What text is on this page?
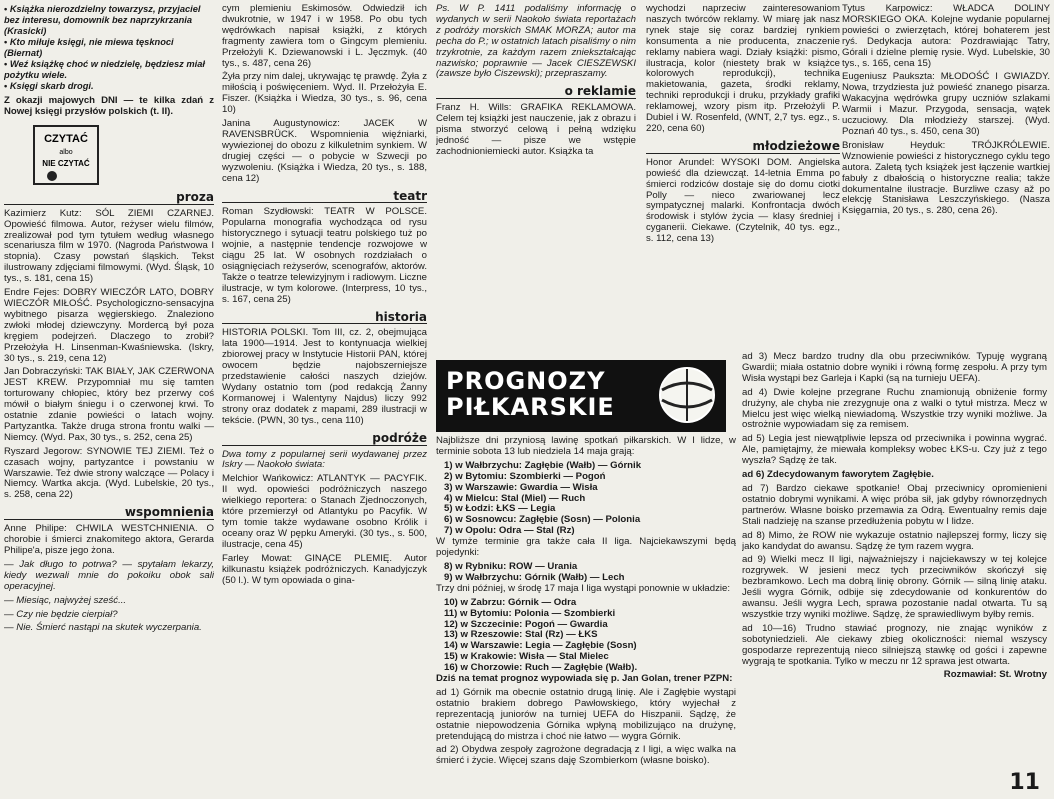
• Książka nierozdzielny towarzysz, przyjaciel bez interesu, domownik bez naprzykrzania (Krasicki)
• Kto miłuje księgi, nie miewa tęsknoci (Biernat)
• Weź książkę choć w niedzielę, będziesz miał pożytku wiele.
• Księgi skarb drogi.

Z okazji majowych DNI — te kilka zdań z Nowej księgi przysłów polskich (t. II).

CZYTAĆ
albo
NIE CZYTAĆ
proza

Kazimierz Kutz: SÓL ZIEMI CZARNEJ. Opowieść filmowa. Autor, reżyser wielu filmów, zrealizował pod tym tytułem według własnego scenariusza film w 1970. (Nagroda Państwowa I stopnia). Czasy powstań śląskich. Tekst ilustrowany zdjęciami filmowymi. (Wyd. Śląsk, 10 tys., s. 181, cena 15)

Endre Fejes: DOBRY WIECZÓR LATO, DOBRY WIECZÓR MIŁOŚĆ. Psychologiczno-sensacyjna wybitnego pisarza węgierskiego. Znaleziono zwłoki młodej dziewczyny. Mordercą był poza kręgiem podejrzeń. Dlaczego to zrobił? Przełożyła H. Linsenman-Kwaśniewska. (Iskry, 30 tys., s. 219, cena 12)

Jan Dobraczyński: TAK BIAŁY, JAK CZERWONA JEST KREW. Przypomniał mu się tamten torturowany chłopiec, który bez przerwy coś mówił o białym śniegu i o czerwonej krwi. To ostatnie zdanie powieści o latach wojny. Partyzantka. Także druga strona frontu walki — Niemcy. (Wyd. Pax, 30 tys., s. 252, cena 25)

Ryszard Jegorow: SYNOWIE TEJ ZIEMI. Też o czasach wojny, partyzantce i powstaniu w Warszawie. Też dwie strony walczące — Polacy i Niemcy. Wartka akcja. (Wyd. Lubelskie, 20 tys., s. 258, cena 22)

wspomnienia

Anne Philipe: CHWILA WESTCHNIENIA. O chorobie i śmierci znakomitego aktora, Gerarda Philipe'a, pisze jego żona.

— Jak długo to potrwa? — spytałam lekarzy, kiedy wezwali mnie do pokoiku obok sali operacyjnej.

— Miesiąc, najwyżej sześć...

— Czy nie będzie cierpiał?

— Nie. Śmierć nastąpi na skutek wyczerpania.

cym plemieniu Eskimosów. Odwiedził ich dwukrotnie, w 1947 i w 1958. Po obu tych wędrówkach napisał książki, z których fragmenty zawiera tom o Gingcym plemieniu. Przełożyli K. Dziewanowski i L. Jęczmyk. (40 tys., s. 487, cena 26)

Żyła przy nim dalej, ukrywając tę prawdę. Żyła z miłością i poświęceniem. Wyd. II. Przełożyła E. Fiszer. (Książka i Wiedza, 30 tys., s. 96, cena 10)

Janina Augustynowicz: JACEK W RAVENSBRÜCK. Wspomnienia więźniarki, wywiezionej do obozu z kilkuletnim synkiem. W drugiej części — o pobycie w Szwecji po wyzwoleniu. (Książka i Wiedza, 20 tys., s. 188, cena 12)

teatr

Roman Szydłowski: TEATR W POLSCE. Popularna monografia wychodząca od rysu historycznego i sytuacji teatru polskiego tuż po wojnie, a następnie tendencje rozwojowe w ciągu 25 lat. W osobnych rozdziałach o osiągnięciach reżyserów, scenografów, aktorów. Także o teatrze telewizyjnym i radiowym. Liczne ilustracje, w tym kolorowe. (Interpress, 10 tys., s. 167, cena 25)

historia

HISTORIA POLSKI. Tom III, cz. 2, obejmująca lata 1900—1914. Jest to kontynuacja wielkiej zbiorowej pracy w Instytucie Historii PAN, której owocem będzie najobszerniejsze przedstawienie całości naszych dziejów. Wydany ostatnio tom (pod redakcją Żanny Kormanowej i Walentyny Najdus) liczy 992 strony oraz dodatek z mapami, 289 ilustracji w tekście. (PWN, 30 tys., cena 110)

podróże

Dwa tomy z popularnej serii wydawanej przez Iskry — Naokoło świata:

Melchior Wańkowicz: ATLANTYK — PACYFIK. II wyd. opowieści podróżniczych naszego wielkiego reportera: o Stanach Zjednoczonych, które przemierzył od Atlantyku po Pacyfik. W tym tomie także wydawane osobno Królik i oceany oraz W pępku Ameryki. (30 tys., s. 500, ilustracje, cena 45)

Farley Mowat: GINĄCE PLEMIĘ. Autor kilkunastu książek podróżniczych. Kanadyjczyk (50 l.). W tym opowiada o gina-

Ps. W P. 1411 podaliśmy informację o wydanych w serii Naokoło świata reportażach z podróży morskich SMAK MORZA; autor ma pecha do P.; w ostatnich latach pisaliśmy o nim trzykrotnie, za każdym razem zniekształcając nazwisko; poprawnie — Jacek CIESZEWSKI (zawsze było Ciszewski); przepraszamy.

o reklamie

Franz H. Wills: GRAFIKA REKLAMOWA. Celem tej książki jest nauczenie, jak z obrazu i pisma stworzyć celową i pełną wdzięku jedność — pisze we wstępie zachodnioniemiecki autor. Książka ta

wychodzi naprzeciw zainteresowaniom naszych twórców reklamy. W miarę jak nasz rynek staje się coraz bardziej rynkiem konsumenta a nie producenta, znaczenie reklamy nabiera wagi. Działy książki: pismo, ilustracja, kolor (niestety brak w książce kolorowych reprodukcji), technika makietowania, gazeta, środki reklamy, techniki reprodukcji i druku, przykłady grafiki reklamowej, wzory pism itp. Przełożyli P. Dubiel i W. Rosenfeld, (WNT, 2,7 tys. egz., s. 220, cena 60)

młodzieżowe

Honor Arundel: WYSOKI DOM. Angielska powieść dla dziewcząt. 14-letnia Emma po śmierci rodziców dostaje się do domu ciotki Polly — nieco zwariowanej lecz sympatycznej malarki. Konfrontacja dwóch środowisk i stylów życia — klasy średniej i cyganerii. Ciekawe. (Czytelnik, 40 tys. egz., s. 112, cena 13)

Tytus Karpowicz: WŁADCA DOLINY MORSKIEGO OKA. Kolejne wydanie popularnej powieści o zwierzętach, której bohaterem jest ryś. Dedykacja autora: Pozdrawiając Tatry, Górali i dzielne plemię rysie. Wyd. Lubelskie, 30 tys., s. 165, cena 15)

Eugeniusz Paukszta: MŁODOŚĆ I GWIAZDY. Nowa, trzydziesta już powieść znanego pisarza. Wakacyjna wędrówka grupy uczniów szlakami Warmii i Mazur. Przygoda, sensacja, wątek uczuciowy. Dla młodzieży starszej. (Wyd. Poznań 40 tys., s. 450, cena 30)

Bronisław Heyduk: TRÓJKRÓLEWIE. Wznowienie powieści z historycznego cyklu tego autora. Zaletą tych książek jest łączenie wartkiej fabuły z dbałością o historyczne realia; także dokumentalne ilustracje. Burzliwe czasy až po elekcję Stanisława Leszczyńskiego. (Nasza Księgarnia, 20 tys., s. 280, cena 26).

PROGNOZY
PIŁKARSKIE

Najbliższe dni przyniosą lawinę spotkań piłkarskich. W I lidze, w terminie sobota 13 lub niedziela 14 maja grają:

1) w Wałbrzychu: Zagłębie (Wałb) — Górnik
2) w Bytomiu: Szombierki — Pogoń
3) w Warszawie: Gwardia — Wisła
4) w Mielcu: Stal (Miel) — Ruch
5) w Łodzi: ŁKS — Legia
6) w Sosnowcu: Zagłębie (Sosn) — Polonia
7) w Opolu: Odra — Stal (Rz)

W tymże terminie gra także cała II liga. Najciekawszymi będą pojedynki:

8) w Rybniku: ROW — Urania
9) w Wałbrzychu: Górnik (Wałb) — Lech

Trzy dni później, w środę 17 maja I liga wystąpi ponownie w układzie:

10) w Zabrzu: Górnik — Odra
11) w Bytomiu: Polonia — Szombierki
12) w Szczecinie: Pogoń — Gwardia
13) w Rzeszowie: Stal (Rz) — ŁKS
14) w Warszawie: Legia — Zagłębie (Sosn)
15) w Krakowie: Wisła — Stal Mielec
16) w Chorzowie: Ruch — Zagłębie (Wałb).

Dziś na temat prognoz wypowiada się p. Jan Golan, trener PZPN:

ad 1) Górnik ma obecnie ostatnio drugą linię. Ale i Zagłębie wystąpi ostatnio brakiem dobrego Pawłowskiego, który wyjechał z reprezentacją juniorów na turniej UEFA do Hiszpanii. Sądzę, że ostatnie niepowodzenia Górnika wpłyną mobilizująco na drużynę, pretendującą do mistrza i choć nie łatwo — wygra Górnik.

ad 2) Obydwa zespoły zagrożone degradacją z I ligi, a więc walka na śmierć i życie. Więcej szans daję Szombierkom (własne boisko).

ad 3) Mecz bardzo trudny dla obu przeciwników. Typuję wygraną Gwardii; miała ostatnio dobre wyniki i równą formę zespołu. A przy tym Wisła wystąpi bez Garleja i Kapki (są na turnieju UEFA).

ad 4) Dwie kolejne przegrane Ruchu znamionują obniżenie formy drużyny, ale chyba nie zrezygnuje ona z walki o tytuł mistrza. Mecz w Mielcu jest więc wielką niewiadomą. Wszystkie trzy wyniki możliwe. Ja ostrożnie wypowiadam się za remisem.

ad 5) Legia jest niewątpliwie lepsza od przeciwnika i powinna wygrać. Ale, pamiętajmy, że miewała kompleksy wobec ŁKS-u. Czy już z tego wyszła? Sądzę że tak.

ad 6) Zdecydowanym faworytem Zagłębie.

ad 7) Bardzo ciekawe spotkanie! Obaj przeciwnicy opromienieni ostatnio dobrymi wynikami. A więc próba sił, jak gdyby równorzędnych partnerów. Własne boisko przemawia za Odrą. Ewentualny remis daje Stali nadzieję na szanse przedłużenia pobytu w I lidze.

ad 8) Mimo, że ROW nie wykazuje ostatnio najlepszej formy, liczy się jako kandydat do awansu. Sądzę że tym razem wygra.

ad 9) Wielki mecz II ligi, najważniejszy i najciekawszy w tej kolejce rozgrywek. W jesieni mecz tych przeciwników skończył się bezbramkowo. Lech ma dobrą linię obrony. Górnik — silną linię ataku. Jeśli wygra Górnik, odbije się zdecydowanie od konkurentów do awansu. Jeśli wygra Lech, sprawa pozostanie nadal otwarta. Tu są wszystkie trzy wyniki możliwe. Sądzę, że sprawiedliwym byłby remis.

ad 10—16) Trudno stawiać prognozy, nie znając wyników z sobotyniedzieli. Ale ciekawy zbieg okoliczności: niemal wszyscy gospodarze reprezentują nieco silniejszą stawkę od gości i zapewne wygrają te spotkania. Tylko w meczu nr 12 sprawa jest otwarta.

Rozmawiał: St. Wrotny

11
